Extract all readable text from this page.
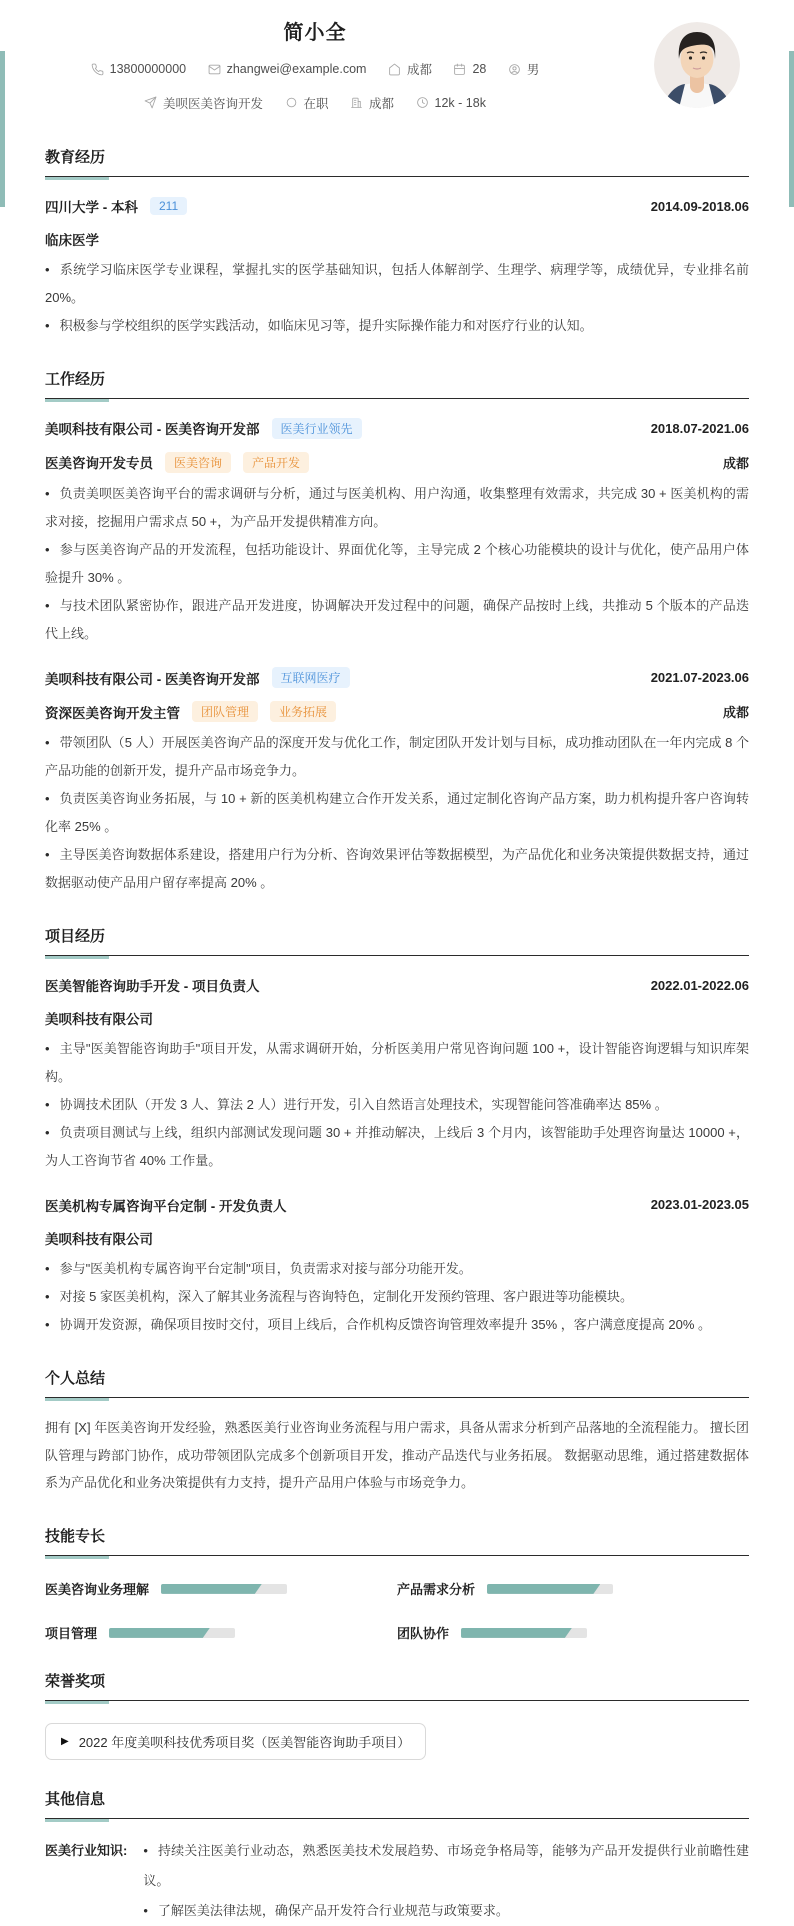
简小全
13800000000
	zhangwei@example.com
	成都
	28
	男
美呗医美咨询开发
	在职
	成都
	12k - 18k
教育经历
四川大学 - 本科	211	2014.09-2018.06
临床医学
• 系统学习临床医学专业课程，掌握扎实的医学基础知识，包括人体解剖学、生理学、病理学等，成绩优异，专业排名前 20%。
• 积极参与学校组织的医学实践活动，如临床见习等，提升实际操作能力和对医疗行业的认知。
工作经历
美呗科技有限公司 - 医美咨询开发部	医美行业领先	2018.07-2021.06
医美咨询开发专员	医美咨询	产品开发	成都
• 负责美呗医美咨询平台的需求调研与分析，通过与医美机构、用户沟通，收集整理有效需求，共完成 30 + 医美机构的需求对接，挖掘用户需求点 50 +，为产品开发提供精准方向。
• 参与医美咨询产品的开发流程，包括功能设计、界面优化等，主导完成 2 个核心功能模块的设计与优化，使产品用户体验提升 30% 。
• 与技术团队紧密协作，跟进产品开发进度，协调解决开发过程中的问题，确保产品按时上线，共推动 5 个版本的产品迭代上线。
美呗科技有限公司 - 医美咨询开发部	互联网医疗	2021.07-2023.06
资深医美咨询开发主管	团队管理	业务拓展	成都
• 带领团队（5 人）开展医美咨询产品的深度开发与优化工作，制定团队开发计划与目标，成功推动团队在一年内完成 8 个产品功能的创新开发，提升产品市场竞争力。
• 负责医美咨询业务拓展，与 10 + 新的医美机构建立合作开发关系，通过定制化咨询产品方案，助力机构提升客户咨询转化率 25% 。
• 主导医美咨询数据体系建设，搭建用户行为分析、咨询效果评估等数据模型，为产品优化和业务决策提供数据支持，通过数据驱动使产品用户留存率提高 20% 。
项目经历
医美智能咨询助手开发 - 项目负责人	2022.01-2022.06
美呗科技有限公司
• 主导"医美智能咨询助手"项目开发，从需求调研开始，分析医美用户常见咨询问题 100 +，设计智能咨询逻辑与知识库架构。
• 协调技术团队（开发 3 人、算法 2 人）进行开发，引入自然语言处理技术，实现智能问答准确率达 85% 。
• 负责项目测试与上线，组织内部测试发现问题 30 + 并推动解决，上线后 3 个月内，该智能助手处理咨询量达 10000 +，为人工咨询节省 40% 工作量。
医美机构专属咨询平台定制 - 开发负责人	2023.01-2023.05
美呗科技有限公司
• 参与"医美机构专属咨询平台定制"项目，负责需求对接与部分功能开发。
• 对接 5 家医美机构，深入了解其业务流程与咨询特色，定制化开发预约管理、客户跟进等功能模块。
• 协调开发资源，确保项目按时交付，项目上线后，合作机构反馈咨询管理效率提升 35% ，客户满意度提高 20% 。
个人总结

拥有 [X] 年医美咨询开发经验，熟悉医美行业咨询业务流程与用户需求，具备从需求分析到产品落地的全流程能力。 擅长团队管理与跨部门协作，成功带领团队完成多个创新项目开发，推动产品迭代与业务拓展。 数据驱动思维，通过搭建数据体系为产品优化和业务决策提供有力支持，提升产品用户体验与市场竞争力。

技能专长
医美咨询业务理解	产品需求分析
项目管理	团队协作
荣誉奖项
▶ 2022 年度美呗科技优秀项目奖（医美智能咨询助手项目）
其他信息
医美行业知识:	• 持续关注医美行业动态，熟悉医美技术发展趋势、市场竞争格局等，能够为产品开发提供行业前瞻性建议。
• 了解医美法律法规，确保产品开发符合行业规范与政策要求。
